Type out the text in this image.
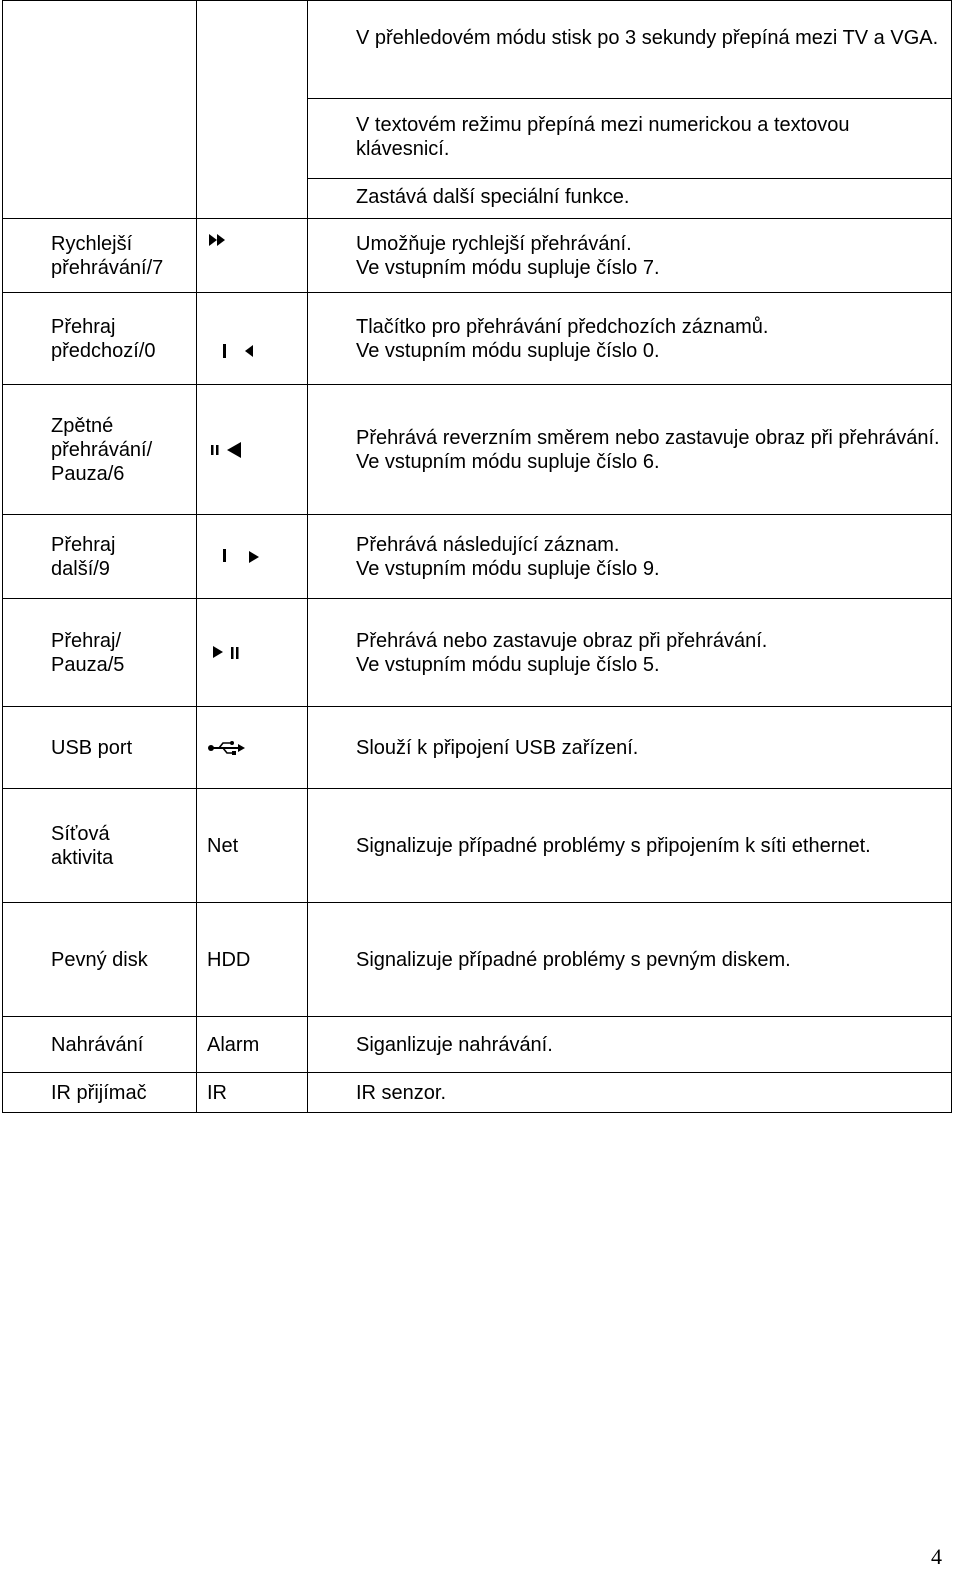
		V přehledovém módu stisk po 3 sekundy přepíná mezi TV a VGA.
V textovém režimu přepíná mezi numerickou a textovou klávesnicí.
Zastává další speciální funkce.

Rychlejší
přehrávání/7		Umožňuje rychlejší přehrávání.
Ve vstupním módu supluje číslo 7.

Přehraj
předchozí/0		Tlačítko pro přehrávání předchozích záznamů.
Ve vstupním módu supluje číslo 0.

Zpětné
přehrávání/
Pauza/6		Přehrává reverzním směrem nebo zastavuje obraz při přehrávání.
Ve vstupním módu supluje číslo 6.

Přehraj
další/9		Přehrává následující záznam.
Ve vstupním módu supluje číslo 9.

Přehraj/
Pauza/5		Přehrává nebo zastavuje obraz při přehrávání.
Ve vstupním módu supluje číslo 5.

USB port		Slouží k připojení USB zařízení.

Síťová
aktivita	Net	Signalizuje případné problémy s připojením k síti ethernet.

Pevný disk	HDD	Signalizuje případné problémy s pevným diskem.

Nahrávání	Alarm	Siganlizuje nahrávání.

IR přijímač	IR	IR senzor.
4
